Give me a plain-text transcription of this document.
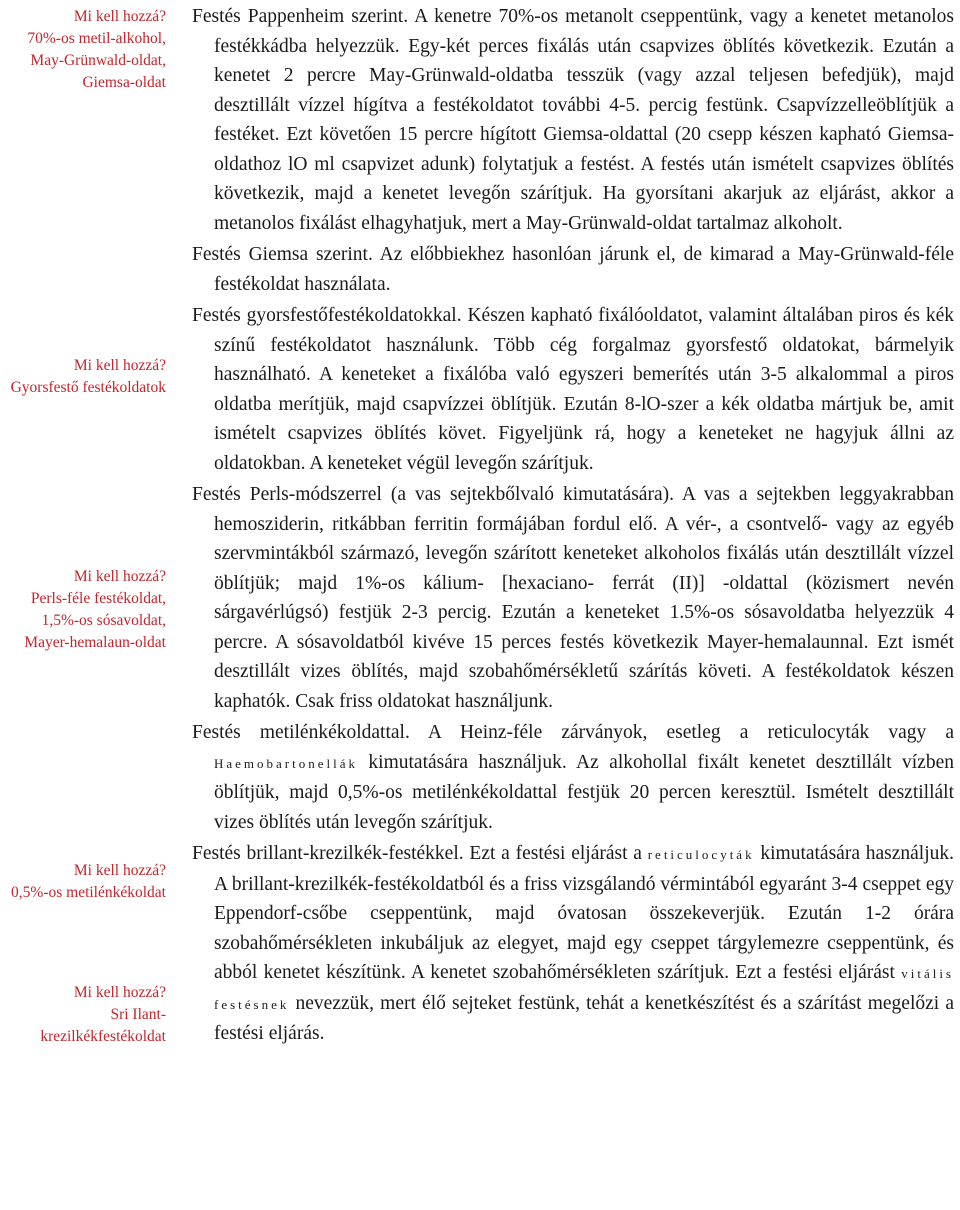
Mi kell hozzá?
70%-os metil-alkohol, May-Grünwald-oldat, Giemsa-oldat
Mi kell hozzá?
Gyorsfestő festékoldatok
Mi kell hozzá?
Perls-féle festékoldat, 1,5%-os sósavoldat, Mayer-hemalaun-oldat
Mi kell hozzá?
0,5%-os metilénkékoldat
Mi kell hozzá?
Sri Ilant-krezilkékfestékoldat

Festés Pappenheim szerint. A kenetre 70%-os metanolt cseppentünk, vagy a kenetet metanolos festékkádba helyezzük. Egy-két perces fixálás után csapvizes öblítés következik. Ezután a kenetet 2 percre May-Grünwald-oldatba tesszük (vagy azzal teljesen befedjük), majd desztillált vízzel hígítva a festékoldatot további 4-5. percig festünk. Csapvízzelleöblítjük a festéket. Ezt követően 15 percre hígított Giemsa-oldattal (20 csepp készen kapható Giemsa-oldathoz lO ml csapvizet adunk) folytatjuk a festést. A festés után ismételt csapvizes öblítés következik, majd a kenetet levegőn szárítjuk. Ha gyorsítani akarjuk az eljárást, akkor a metanolos fixálást elhagyhatjuk, mert a May-Grünwald-oldat tartalmaz alkoholt.

Festés Giemsa szerint. Az előbbiekhez hasonlóan járunk el, de kimarad a May-Grünwald-féle festékoldat használata.

Festés gyorsfestőfestékoldatokkal. Készen kapható fixálóoldatot, valamint általában piros és kék színű festékoldatot használunk. Több cég forgalmaz gyorsfestő oldatokat, bármelyik használható. A keneteket a fixálóba való egyszeri bemerítés után 3-5 alkalommal a piros oldatba merítjük, majd csapvízzei öblítjük. Ezután 8-lO-szer a kék oldatba mártjuk be, amit ismételt csapvizes öblítés követ. Figyeljünk rá, hogy a keneteket ne hagyjuk állni az oldatokban. A keneteket végül levegőn szárítjuk.

Festés Perls-módszerrel (a vas sejtekbőlvaló kimutatására). A vas a sejtekben leggyakrabban hemosziderin, ritkábban ferritin formájában fordul elő. A vér-, a csontvelő- vagy az egyéb szervmintákból származó, levegőn szárított keneteket alkoholos fixálás után desztillált vízzel öblítjük; majd 1%-os kálium- [hexaciano- ferrát (II)] -oldattal (közismert nevén sárgavérlúgsó) festjük 2-3 percig. Ezután a keneteket 1.5%-os sósavoldatba helyezzük 4 percre. A sósavoldatból kivéve 15 perces festés következik Mayer-hemalaunnal. Ezt ismét desztillált vizes öblítés, majd szobahőmérsékletű szárítás követi. A festékoldatok készen kaphatók. Csak friss oldatokat használjunk.

Festés metilénkékoldattal. A Heinz-féle zárványok, esetleg a reticulocyták vagy a Haemobartonellák kimutatására használjuk. Az alkohollal fixált kenetet desztillált vízben öblítjük, majd 0,5%-os metilénkékoldattal festjük 20 percen keresztül. Ismételt desztillált vizes öblítés után levegőn szárítjuk.

Festés brillant-krezilkék-festékkel. Ezt a festési eljárást a reticulocyták kimutatására használjuk. A brillant-krezilkék-festékoldatból és a friss vizsgálandó vérmintából egyaránt 3-4 cseppet egy Eppendorf-csőbe cseppentünk, majd óvatosan összekeverjük. Ezután 1-2 órára szobahőmérsékleten inkubáljuk az elegyet, majd egy cseppet tárgylemezre cseppentünk, és abból kenetet készítünk. A kenetet szobahőmérsékleten szárítjuk. Ezt a festési eljárást vitális festésnek nevezzük, mert élő sejteket festünk, tehát a kenetkészítést és a szárítást megelőzi a festési eljárás.
